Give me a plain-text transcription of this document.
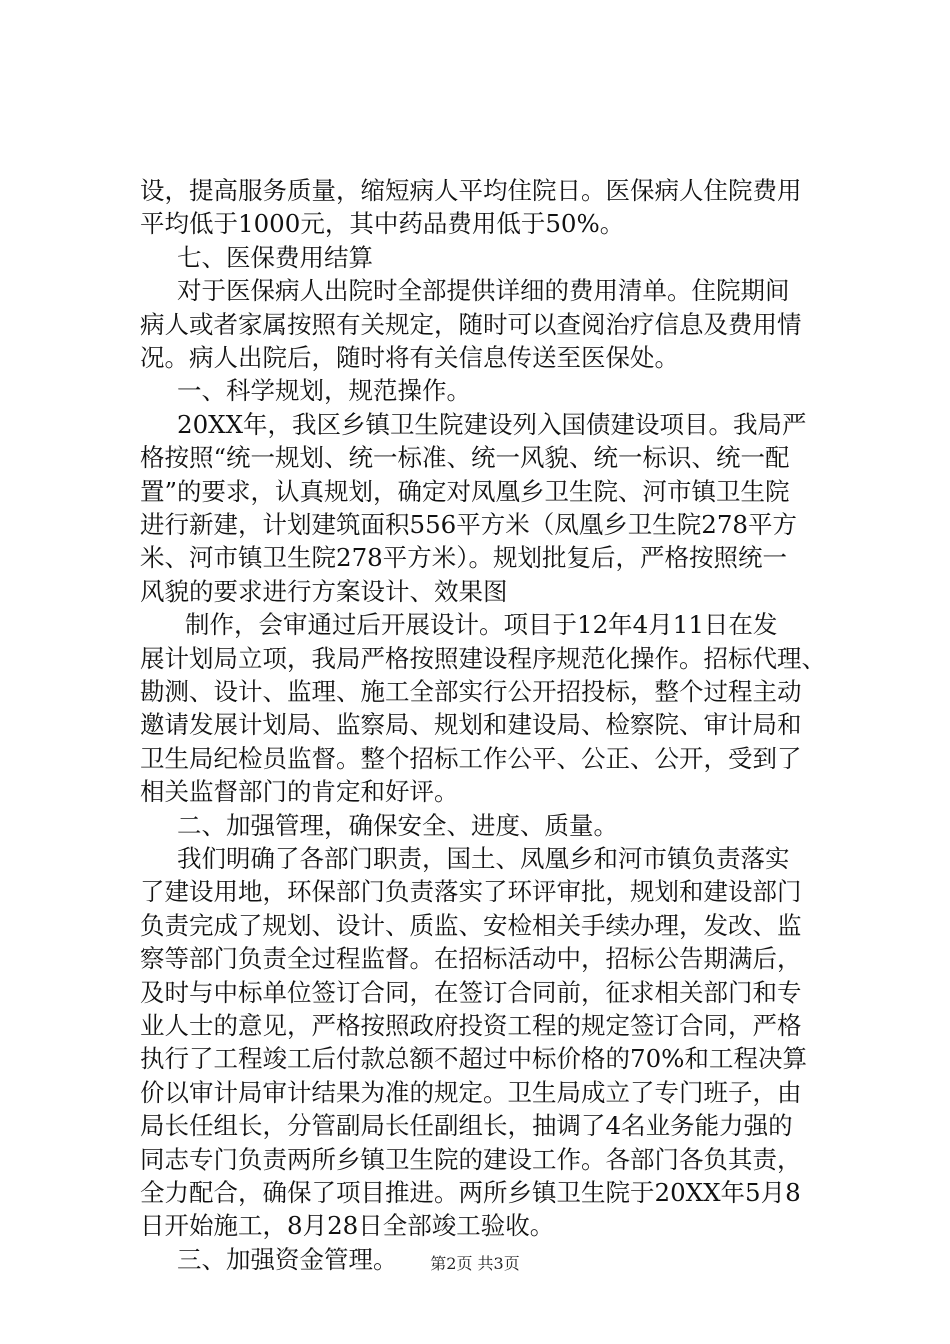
设，提高服务质量，缩短病人平均住院日。医保病人住院费用
平均低于1000元，其中药品费用低于50%。
七、医保费用结算
对于医保病人出院时全部提供详细的费用清单。住院期间
病人或者家属按照有关规定，随时可以查阅治疗信息及费用情
况。病人出院后，随时将有关信息传送至医保处。
一、科学规划，规范操作。
20XX年，我区乡镇卫生院建设列入国债建设项目。我局严
格按照“统一规划、统一标准、统一风貌、统一标识、统一配
置”的要求，认真规划，确定对凤凰乡卫生院、河市镇卫生院
进行新建，计划建筑面积556平方米（凤凰乡卫生院278平方
米、河市镇卫生院278平方米）。规划批复后，严格按照统一
风貌的要求进行方案设计、效果图
制作，会审通过后开展设计。项目于12年4月11日在发
展计划局立项，我局严格按照建设程序规范化操作。招标代理、
勘测、设计、监理、施工全部实行公开招投标，整个过程主动
邀请发展计划局、监察局、规划和建设局、检察院、审计局和
卫生局纪检员监督。整个招标工作公平、公正、公开，受到了
相关监督部门的肯定和好评。
二、加强管理，确保安全、进度、质量。
我们明确了各部门职责，国土、凤凰乡和河市镇负责落实
了建设用地，环保部门负责落实了环评审批，规划和建设部门
负责完成了规划、设计、质监、安检相关手续办理，发改、监
察等部门负责全过程监督。在招标活动中，招标公告期满后，
及时与中标单位签订合同，在签订合同前，征求相关部门和专
业人士的意见，严格按照政府投资工程的规定签订合同，严格
执行了工程竣工后付款总额不超过中标价格的70%和工程决算
价以审计局审计结果为准的规定。卫生局成立了专门班子，由
局长任组长，分管副局长任副组长，抽调了4名业务能力强的
同志专门负责两所乡镇卫生院的建设工作。各部门各负其责，
全力配合，确保了项目推进。两所乡镇卫生院于20XX年5月8
日开始施工，8月28日全部竣工验收。
三、加强资金管理。	第2页 共3页
